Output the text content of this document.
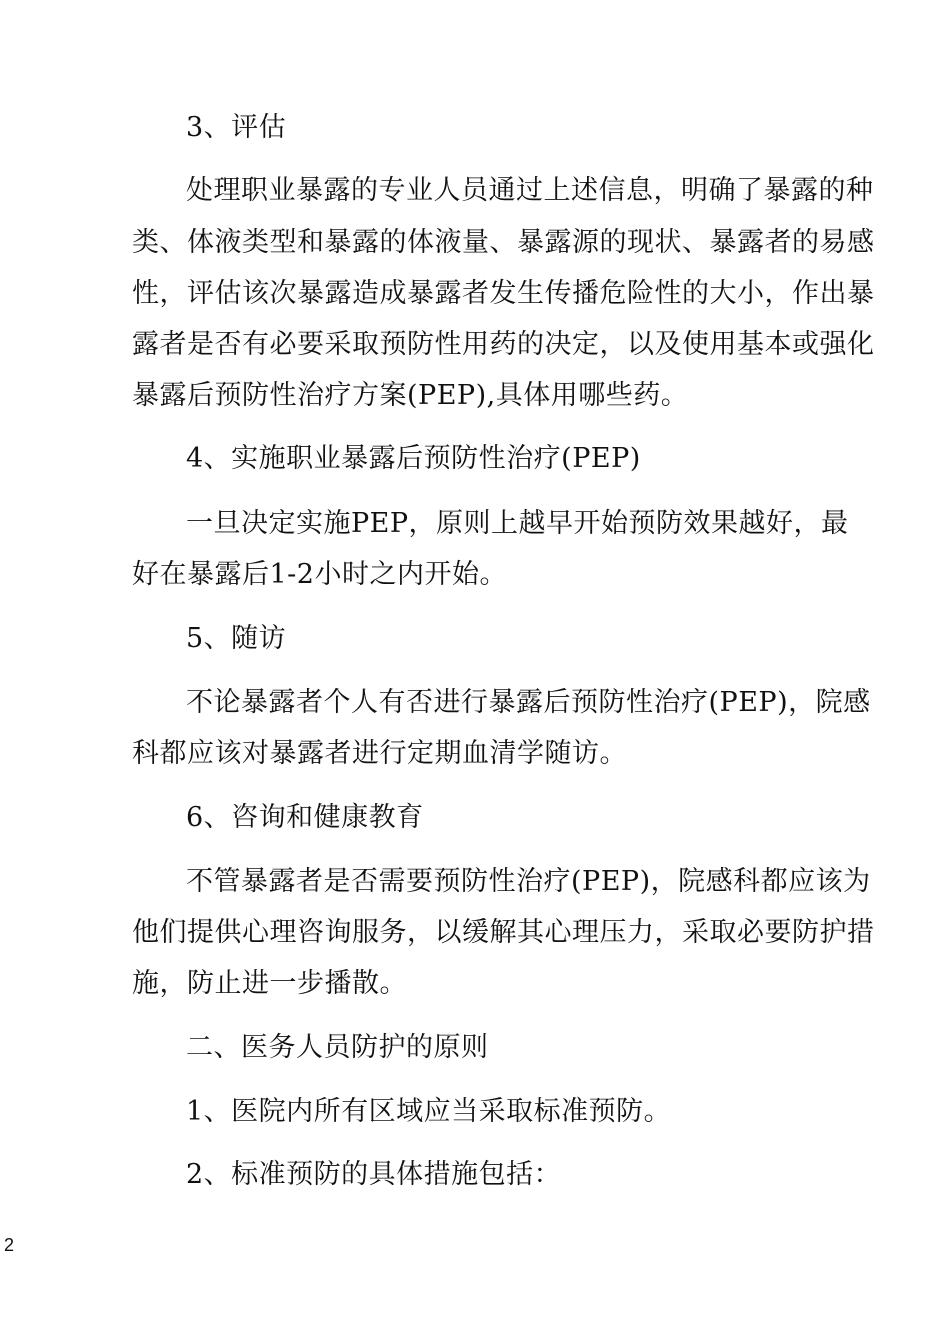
3、评估
处理职业暴露的专业人员通过上述信息，明确了暴露的种
类、体液类型和暴露的体液量、暴露源的现状、暴露者的易感
性，评估该次暴露造成暴露者发生传播危险性的大小，作出暴
露者是否有必要采取预防性用药的决定，以及使用基本或强化
暴露后预防性治疗方案(PEP),具体用哪些药。
4、实施职业暴露后预防性治疗(PEP)
一旦决定实施PEP，原则上越早开始预防效果越好，最
好在暴露后1-2小时之内开始。
5、随访
不论暴露者个人有否进行暴露后预防性治疗(PEP)，院感
科都应该对暴露者进行定期血清学随访。
6、咨询和健康教育
不管暴露者是否需要预防性治疗(PEP)，院感科都应该为
他们提供心理咨询服务，以缓解其心理压力，采取必要防护措
施，防止进一步播散。
二、医务人员防护的原则
1、医院内所有区域应当采取标准预防。
2、标准预防的具体措施包括：
2
